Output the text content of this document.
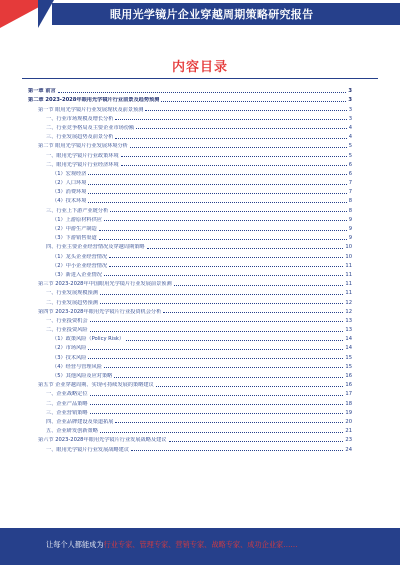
眼用光学镜片企业穿越周期策略研究报告
内容目录
第一章 前言	3
第二章 2023-2028年眼用光学镜片行业前景及趋势预测	3
第一节 眼用光学镜片行业发展现状及前景预测	3
一、行业市场规模及增长分析	3
二、行业竞争格局及主要企业市场份额	4
三、行业发展趋势及前景分析	4
第二节 眼用光学镜片行业发展环境分析	5
一、眼用光学镜片行业政策环境	5
二、眼用光学镜片行业经济环境	6
（1）宏观经济	6
（2）人口环境	7
（3）消费环境	7
（4）技术环境	8
三、行业上下游产业链分析	8
（1）上游原材料供应	9
（2）中游生产制造	9
（3）下游销售渠道	9
四、行业主要企业经营情况及穿越周期策略	10
（1）龙头企业经营情况	10
（2）中小企业经营情况	11
（3）新进入企业情况	11
第三节 2023-2028年中国眼用光学镜片行业发展前景预测	11
一、行业发展规模预测	11
二、行业发展趋势预测	12
第四节 2023-2028年眼用光学镜片行业投资机会分析	12
一、行业投资机会	13
二、行业投资风险	13
（1）政策风险（Policy Risk）	14
（2）市场风险	14
（3）技术风险	15
（4）经营与管理风险	15
（5）其他风险及应对策略	16
第五节 企业穿越周期、实现可持续发展的策略建议	16
一、企业战略定位	17
二、企业产品策略	18
三、企业营销策略	19
四、企业品牌建设及渠道拓展	20
五、企业研发创新策略	21
第六节 2023-2028年眼用光学镜片行业发展战略及建议	23
一、眼用光学镜片行业发展战略建议	24
让每个人都能成为行业专家、管理专家、营销专家、战略专家、成功企业家……
